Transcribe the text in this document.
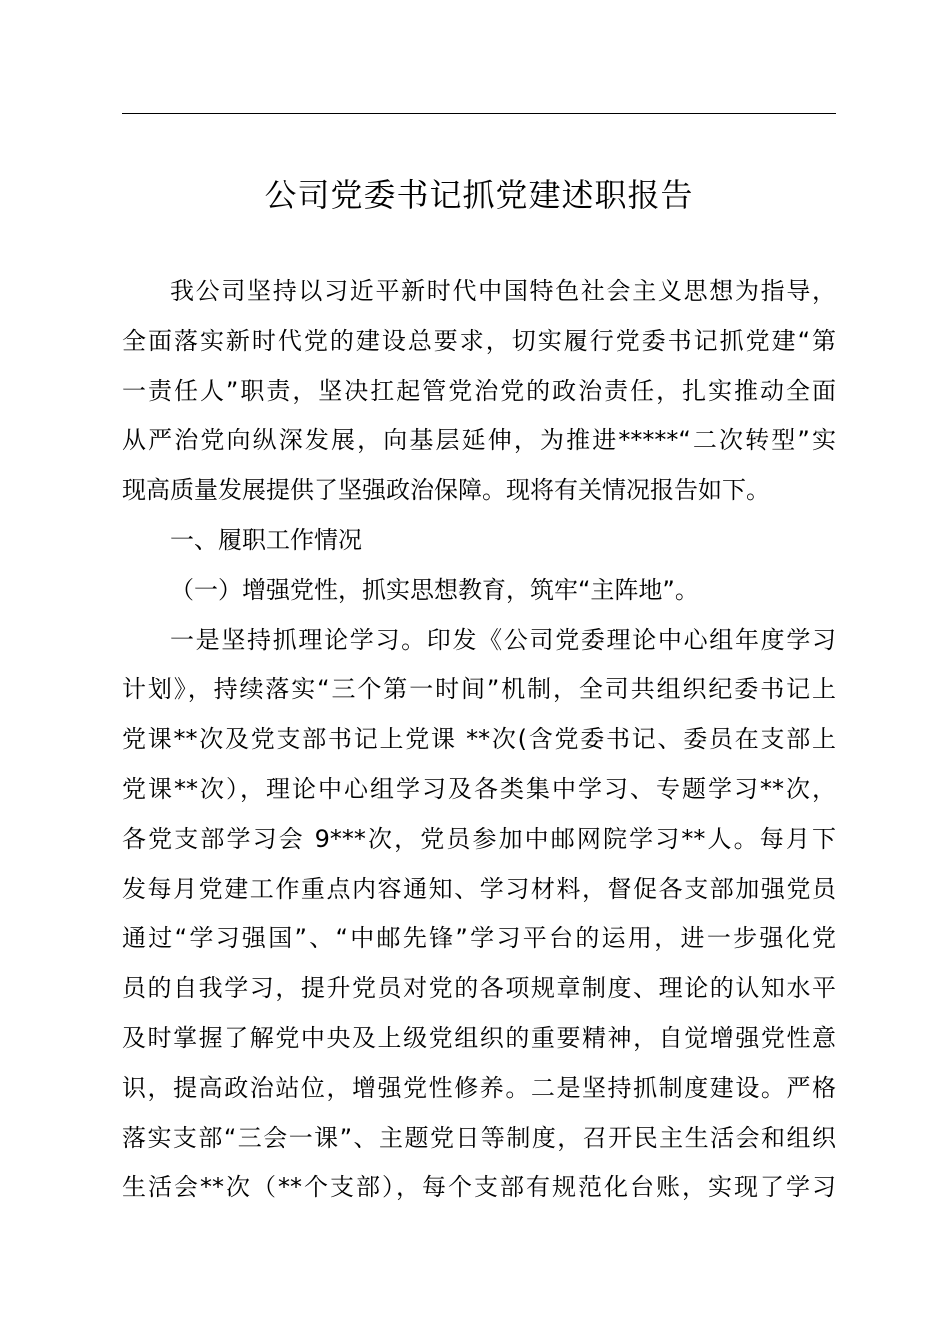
公司党委书记抓党建述职报告
我公司坚持以习近平新时代中国特色社会主义思想为指导，
全面落实新时代党的建设总要求，切实履行党委书记抓党建“第
一责任人”职责，坚决扛起管党治党的政治责任，扎实推动全面
从严治党向纵深发展，向基层延伸，为推进*****“二次转型”实
现高质量发展提供了坚强政治保障。现将有关情况报告如下。
一、履职工作情况
（一）增强党性，抓实思想教育，筑牢“主阵地”。
一是坚持抓理论学习。印发《公司党委理论中心组年度学习
计划》，持续落实“三个第一时间”机制，全司共组织纪委书记上
党课**次及党支部书记上党课 **次(含党委书记、委员在支部上
党课**次），理论中心组学习及各类集中学习、专题学习**次，
各党支部学习会 9***次，党员参加中邮网院学习**人。每月下
发每月党建工作重点内容通知、学习材料，督促各支部加强党员
通过“学习强国”、“中邮先锋”学习平台的运用，进一步强化党
员的自我学习，提升党员对党的各项规章制度、理论的认知水平
及时掌握了解党中央及上级党组织的重要精神，自觉增强党性意
识，提高政治站位，增强党性修养。二是坚持抓制度建设。严格
落实支部“三会一课”、主题党日等制度，召开民主生活会和组织
生活会**次（**个支部），每个支部有规范化台账，实现了学习
